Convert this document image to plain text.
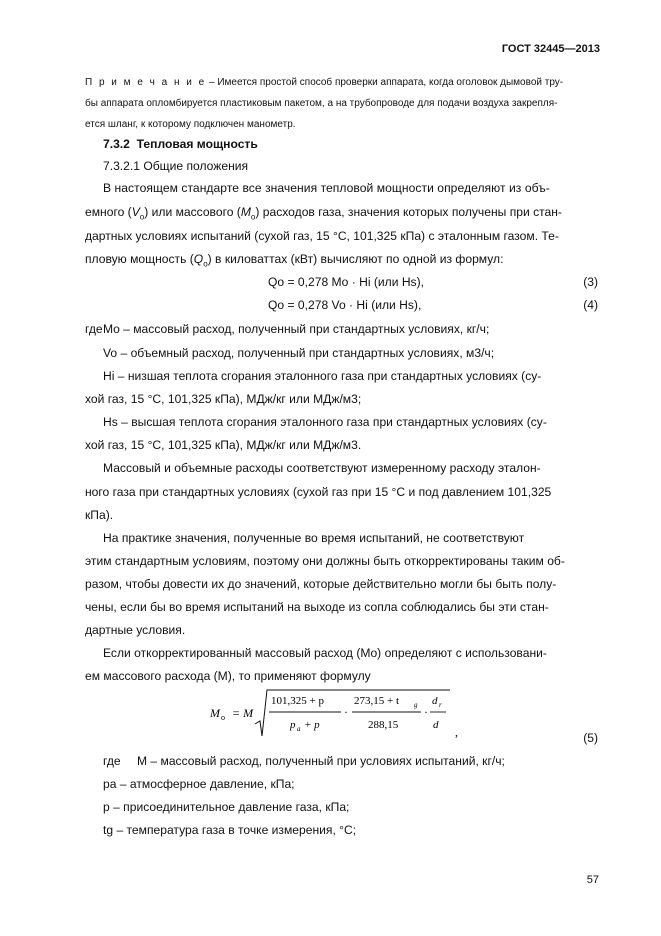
ГОСТ 32445—2013
П р и м е ч а н и е – Имеется простой способ проверки аппарата, когда оголовок дымовой тру-
бы аппарата опломбируется пластиковым пакетом, а на трубопроводе для подачи воздуха закрепля-
ется шланг, к которому подключен манометр.
7.3.2 Тепловая мощность
7.3.2.1 Общие положения
В настоящем стандарте все значения тепловой мощности определяют из объ-
емного $(V_o)$ или массового $(M_o)$ расходов газа, значения которых получены при стан-
дартных условиях испытаний (сухой газ, 15 °С, 101,325 кПа) с эталонным газом. Те-
пловую мощность $(Q_o)$ в киловаттах (кВт) вычисляют по одной из формул:
Qo = 0,278 Mo · Hi (или Hs),	(3)
Qo = 0,278 Vo · Hi (или Hs),	(4)
где Mo – массовый расход, полученный при стандартных условиях, кг/ч;
Vo – объемный расход, полученный при стандартных условиях, м3/ч;
Hi – низшая теплота сгорания эталонного газа при стандартных условиях (су-
хой газ, 15 °С, 101,325 кПа), МДж/кг или МДж/м3;
Hs – высшая теплота сгорания эталонного газа при стандартных условиях (су-
хой газ, 15 °С, 101,325 кПа), МДж/кг или МДж/м3.
Массовый и объемные расходы соответствуют измеренному расходу эталон-
ного газа при стандартных условиях (сухой газ при 15 °С и под давлением 101,325
кПа).
На практике значения, полученные во время испытаний, не соответствуют
этим стандартным условиям, поэтому они должны быть откорректированы таким об-
разом, чтобы довести их до значений, которые действительно могли бы быть полу-
чены, если бы во время испытаний на выходе из сопла соблюдались бы эти стан-
дартные условия.
Если откорректированный массовый расход (Mo) определяют с использовани-
ем массового расхода (M), то применяют формулу
M o = M
101,325 + p
p a + p
·
273,15 + t g
288,15
·
d r
d ,	(5)
где M – массовый расход, полученный при условиях испытаний, кг/ч;
pa – атмосферное давление, кПа;
p – присоединительное давление газа, кПа;
tg – температура газа в точке измерения, °С;
57
